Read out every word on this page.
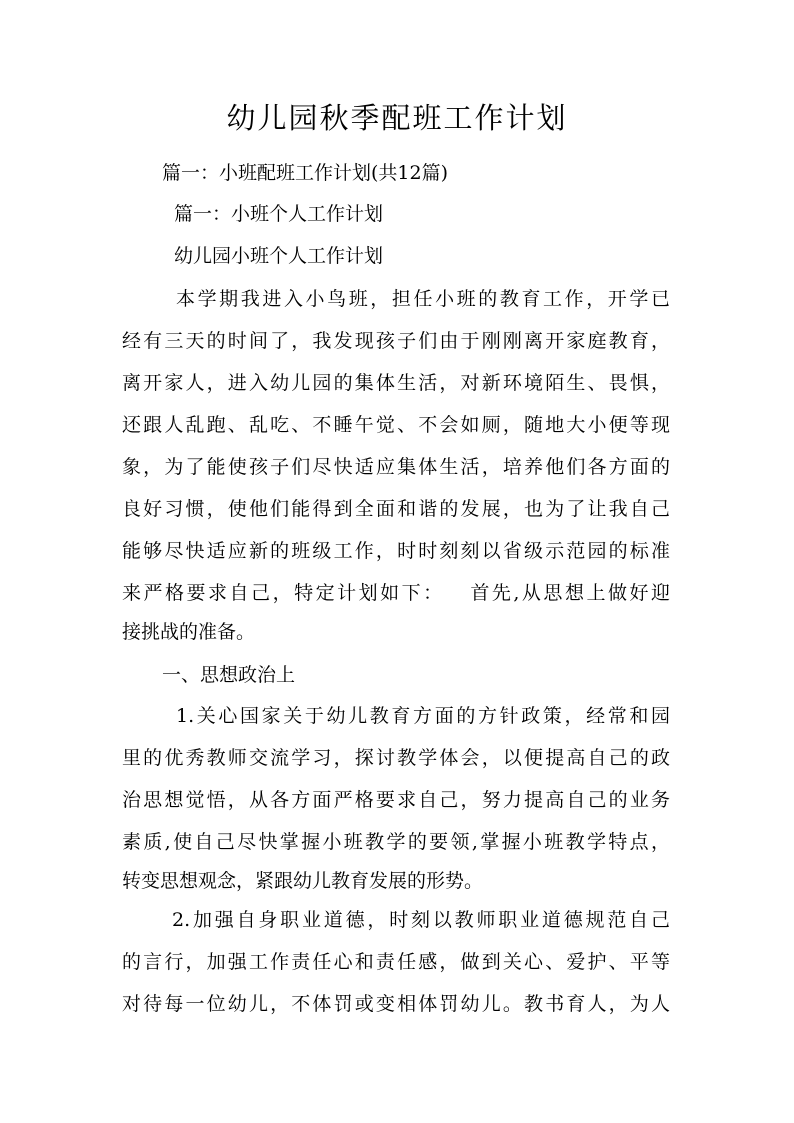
幼儿园秋季配班工作计划
篇一：小班配班工作计划(共12篇)
篇一：小班个人工作计划
幼儿园小班个人工作计划
本学期我进入小鸟班，担任小班的教育工作，开学已
经有三天的时间了，我发现孩子们由于刚刚离开家庭教育，
离开家人，进入幼儿园的集体生活，对新环境陌生、畏惧，
还跟人乱跑、乱吃、不睡午觉、不会如厕，随地大小便等现
象，为了能使孩子们尽快适应集体生活，培养他们各方面的
良好习惯，使他们能得到全面和谐的发展，也为了让我自己
能够尽快适应新的班级工作，时时刻刻以省级示范园的标准
来严格要求自己，特定计划如下：   首先,从思想上做好迎
接挑战的准备。
一、思想政治上
1.关心国家关于幼儿教育方面的方针政策，经常和园
里的优秀教师交流学习，探讨教学体会，以便提高自己的政
治思想觉悟，从各方面严格要求自己，努力提高自己的业务
素质,使自己尽快掌握小班教学的要领,掌握小班教学特点，
转变思想观念，紧跟幼儿教育发展的形势。
2.加强自身职业道德，时刻以教师职业道德规范自己
的言行，加强工作责任心和责任感，做到关心、爱护、平等
对待每一位幼儿，不体罚或变相体罚幼儿。教书育人，为人
